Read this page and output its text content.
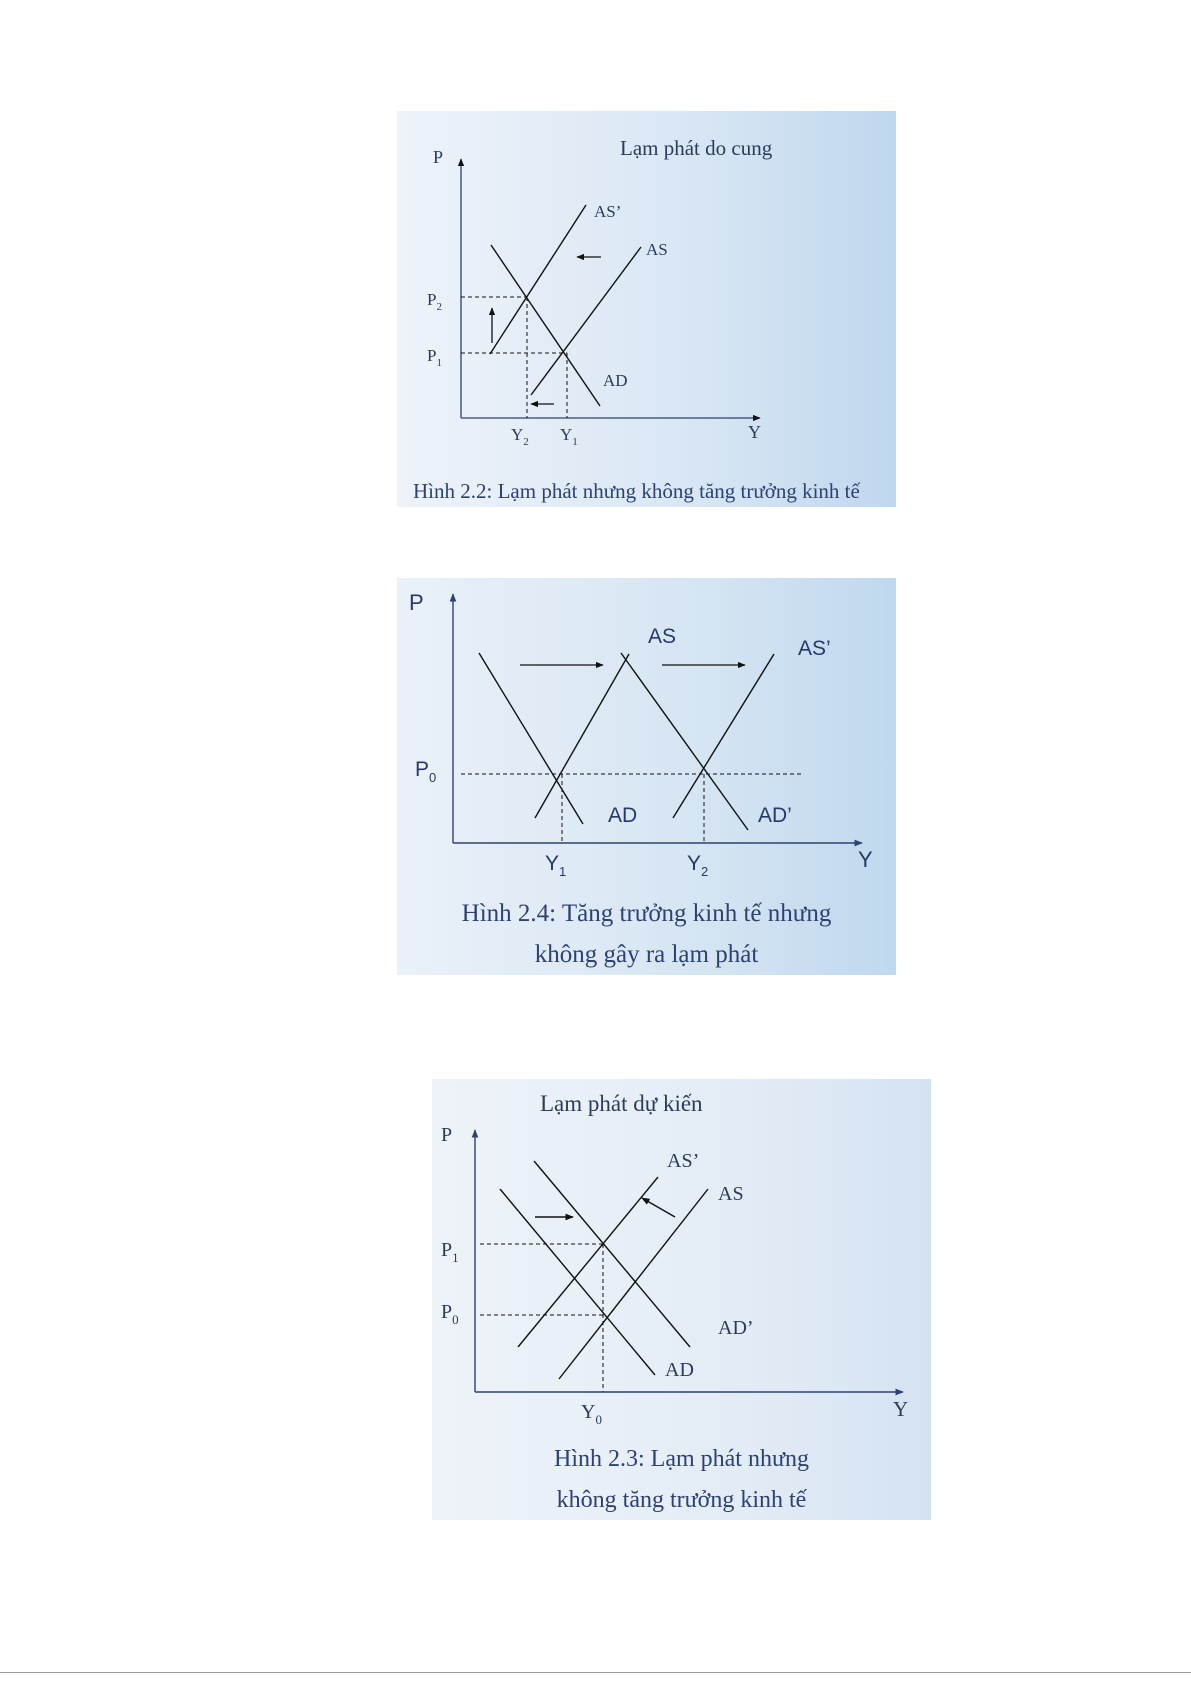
Lạm phát do cung
P
Y
AS’
AS
AD
$P_2$
$P_1$
$Y_2$ $Y_1$
Hình 2.2: Lạm phát nhưng không tăng trưởng kinh tế
P
Y
AS
AS’
AD	AD’
$P_0$
$Y_1$	$Y_2$
Hình 2.4: Tăng trưởng kinh tế nhưng
không gây ra lạm phát
Lạm phát dự kiến
P
Y
AS’
AS
AD’
AD
$P_1$
$P_0$
$Y_0$
Hình 2.3: Lạm phát nhưng
không tăng trưởng kinh tế
